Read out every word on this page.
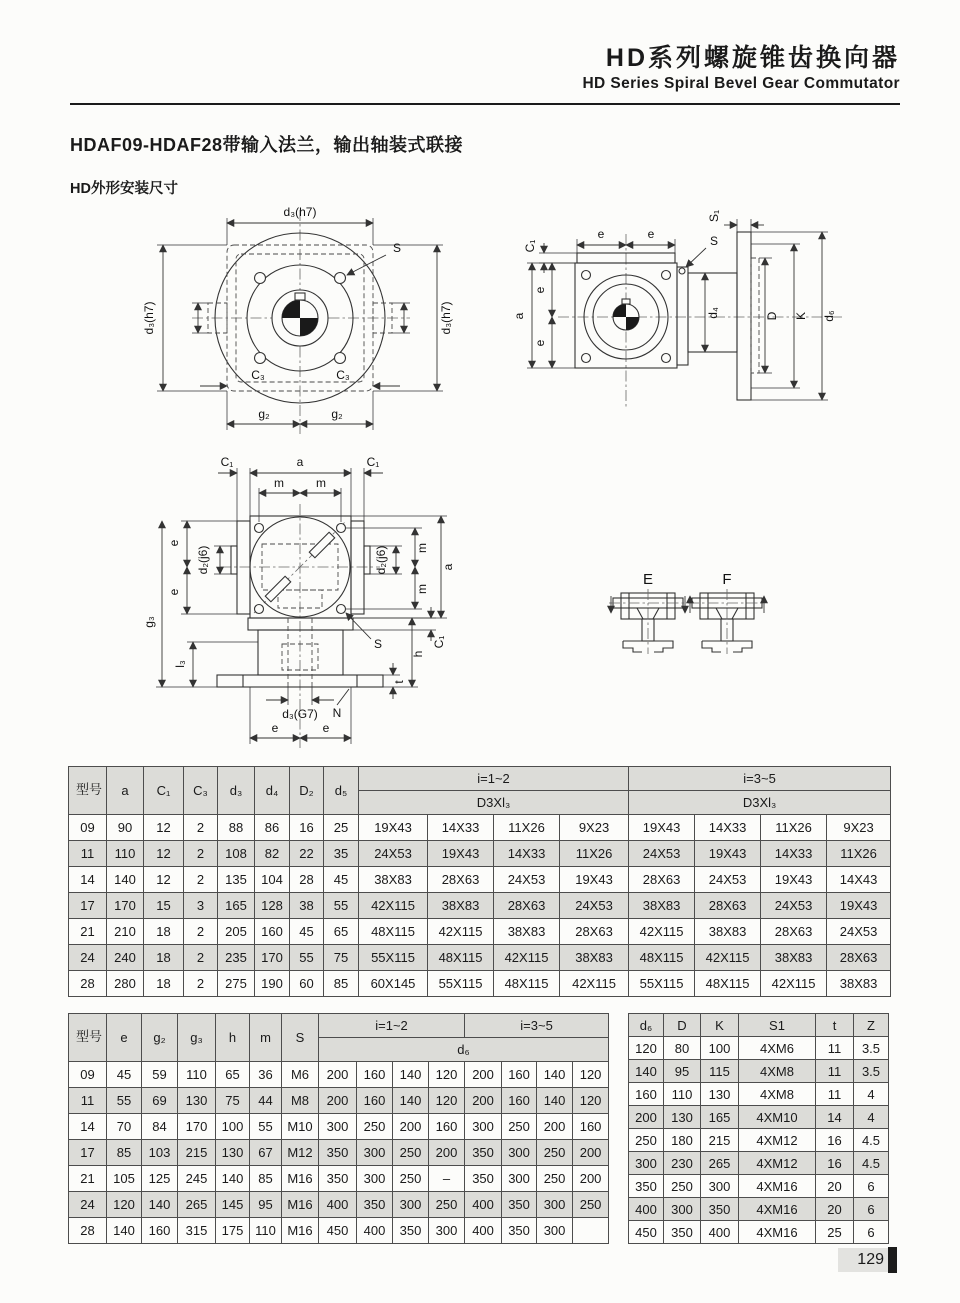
HD系列螺旋锥齿换向器
HD Series Spiral Bevel Gear Commutator
HDAF09-HDAF28带输入法兰，输出轴装式联接
HD外形安装尺寸
d₃(h7)
d₃(h7)	d₃(h7)
C₃	C₃
g₂	g₂
S	C₁
e	e	S
S₁
a
e
e
d₄	D K d₆
C₁	a	C₁
m	m
e
e
d₂(j6)
g₃
l₃
m
m
a
d₂(j6)
S	C₁
h
t
d₃(G7) N
e	e
E	F
型号	a	C₁	C₃	d₃	d₄	D₂	d₅	i=1~2				i=3~5			
								D3Xl₃				D3Xl₃			
09	90	12	2	88	86	16	25	19X43	14X33	11X26	9X23	19X43	14X33	11X26	9X23
11	110	12	2	108	82	22	35	24X53	19X43	14X33	11X26	24X53	19X43	14X33	11X26
14	140	12	2	135	104	28	45	38X83	28X63	24X53	19X43	28X63	24X53	19X43	14X43
17	170	15	3	165	128	38	55	42X115	38X83	28X63	24X53	38X83	28X63	24X53	19X43
21	210	18	2	205	160	45	65	48X115	42X115	38X83	28X63	42X115	38X83	28X63	24X53
24	240	18	2	235	170	55	75	55X115	48X115	42X115	38X83	48X115	42X115	38X83	28X63
28	280	18	2	275	190	60	85	60X145	55X115	48X115	42X115	55X115	48X115	42X115	38X83
型号	e	g₂	g₃	h	m	S	i=1~2				i=3~5			
							d₆							
09	45	59	110	65	36	M6	200	160	140	120	200	160	140	120
11	55	69	130	75	44	M8	200	160	140	120	200	160	140	120
14	70	84	170	100	55	M10	300	250	200	160	300	250	200	160
17	85	103	215	130	67	M12	350	300	250	200	350	300	250	200
21	105	125	245	140	85	M16	350	300	250	–	350	300	250	200
24	120	140	265	145	95	M16	400	350	300	250	400	350	300	250
28	140	160	315	175	110	M16	450	400	350	300	400	350	300	
d₆	D	K	S1	t	Z
120	80	100	4XM6	11	3.5
140	95	115	4XM8	11	3.5
160	110	130	4XM8	11	4
200	130	165	4XM10	14	4
250	180	215	4XM12	16	4.5
300	230	265	4XM12	16	4.5
350	250	300	4XM16	20	6
400	300	350	4XM16	20	6
450	350	400	4XM16	25	6
129
